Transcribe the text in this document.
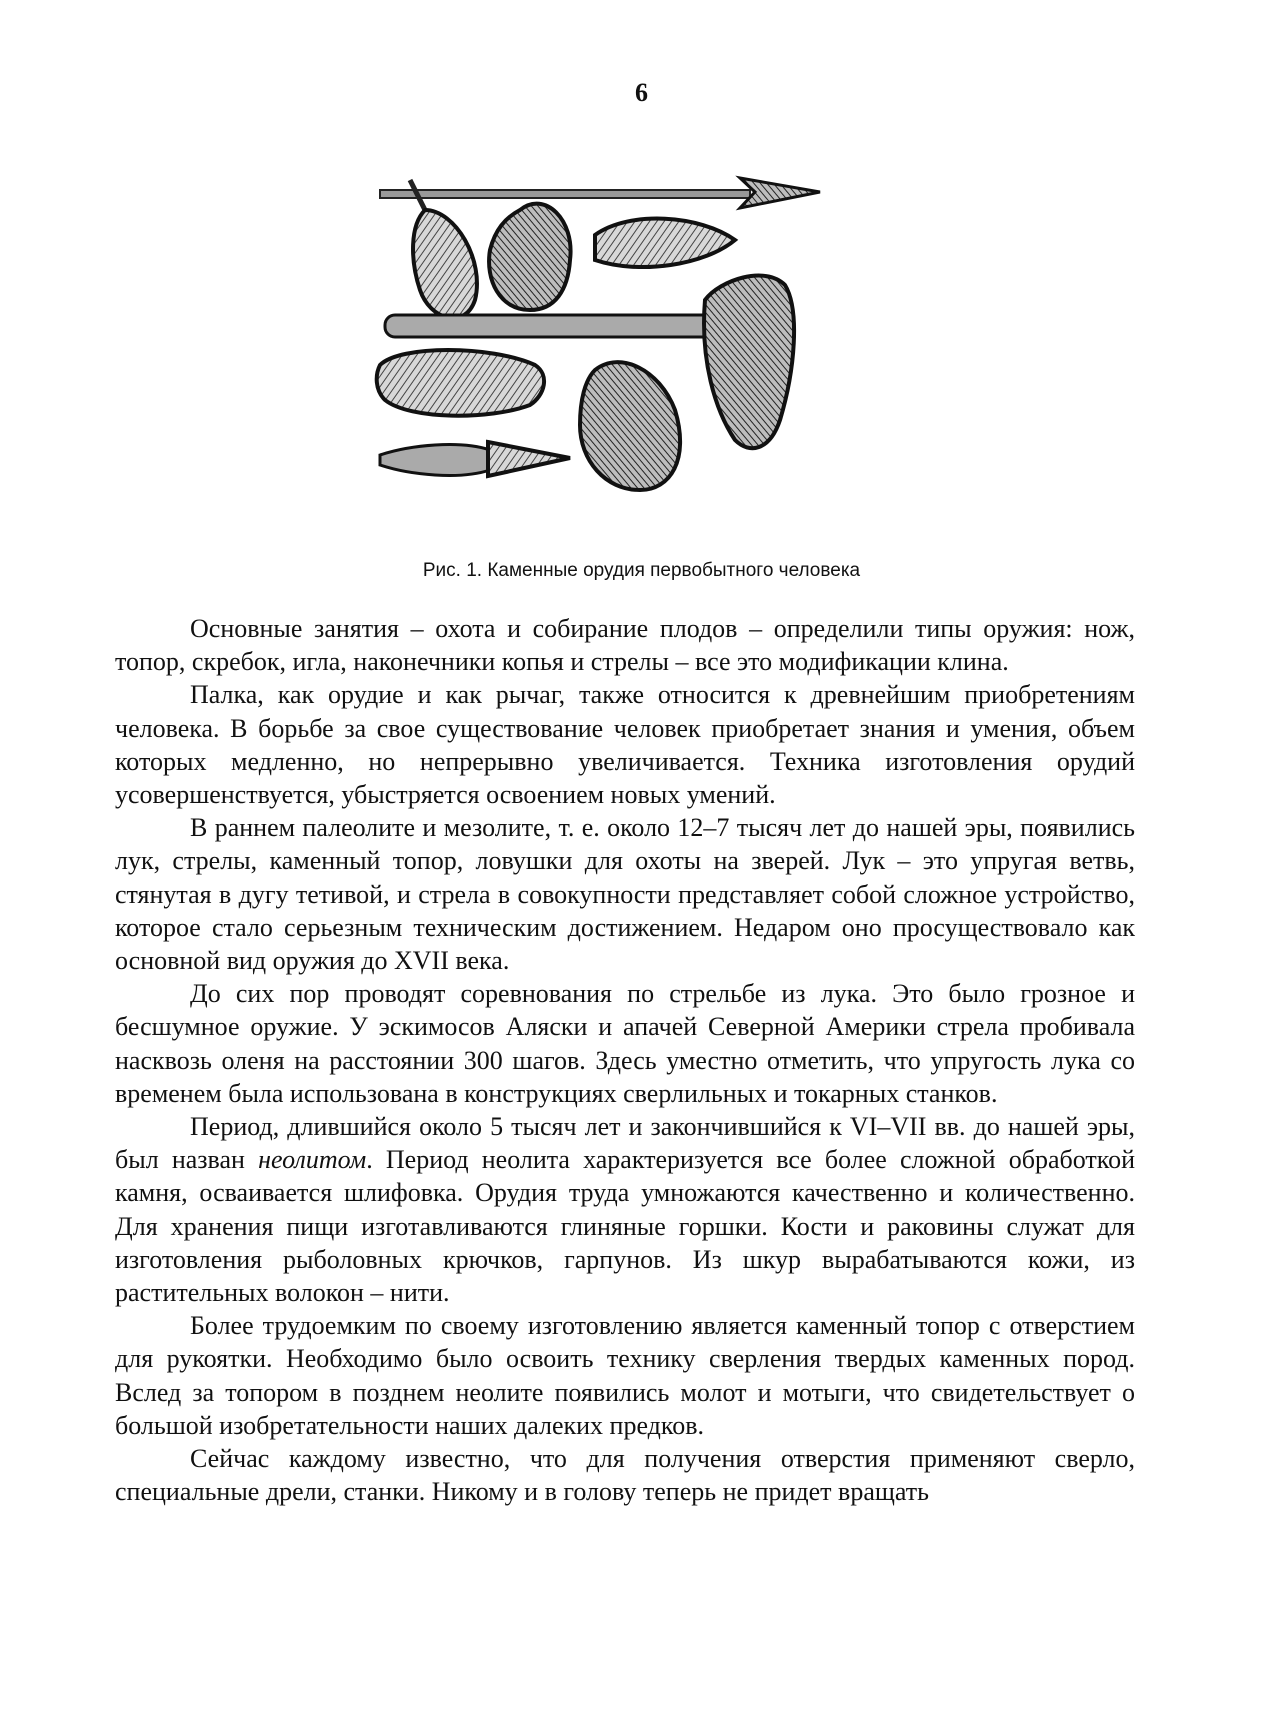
6
Рис. 1. Каменные орудия первобытного человека

Основные занятия – охота и собирание плодов – определили типы оружия: нож, топор, скребок, игла, наконечники копья и стрелы – все это модификации клина.

Палка, как орудие и как рычаг, также относится к древнейшим приобретениям человека. В борьбе за свое существование человек приобретает знания и умения, объем которых медленно, но непрерывно увеличивается. Техника изготовления орудий усовершенствуется, убыстряется освоением новых умений.

В раннем палеолите и мезолите, т. е. около 12–7 тысяч лет до нашей эры, появились лук, стрелы, каменный топор, ловушки для охоты на зверей. Лук – это упругая ветвь, стянутая в дугу тетивой, и стрела в совокупности представляет собой сложное устройство, которое стало серьезным техническим достижением. Недаром оно просуществовало как основной вид оружия до XVII века.

До сих пор проводят соревнования по стрельбе из лука. Это было грозное и бесшумное оружие. У эскимосов Аляски и апачей Северной Америки стрела пробивала насквозь оленя на расстоянии 300 шагов. Здесь уместно отметить, что упругость лука со временем была использована в конструкциях сверлильных и токарных станков.

Период, длившийся около 5 тысяч лет и закончившийся к VI–VII вв. до нашей эры, был назван неолитом. Период неолита характеризуется все более сложной обработкой камня, осваивается шлифовка. Орудия труда умножаются качественно и количественно. Для хранения пищи изготавливаются глиняные горшки. Кости и раковины служат для изготовления рыболовных крючков, гарпунов. Из шкур вырабатываются кожи, из растительных волокон – нити.

Более трудоемким по своему изготовлению является каменный топор с отверстием для рукоятки. Необходимо было освоить технику сверления твердых каменных пород. Вслед за топором в позднем неолите появились молот и мотыги, что свидетельствует о большой изобретательности наших далеких предков.

Сейчас каждому известно, что для получения отверстия применяют сверло, специальные дрели, станки. Никому и в голову теперь не придет вращать
